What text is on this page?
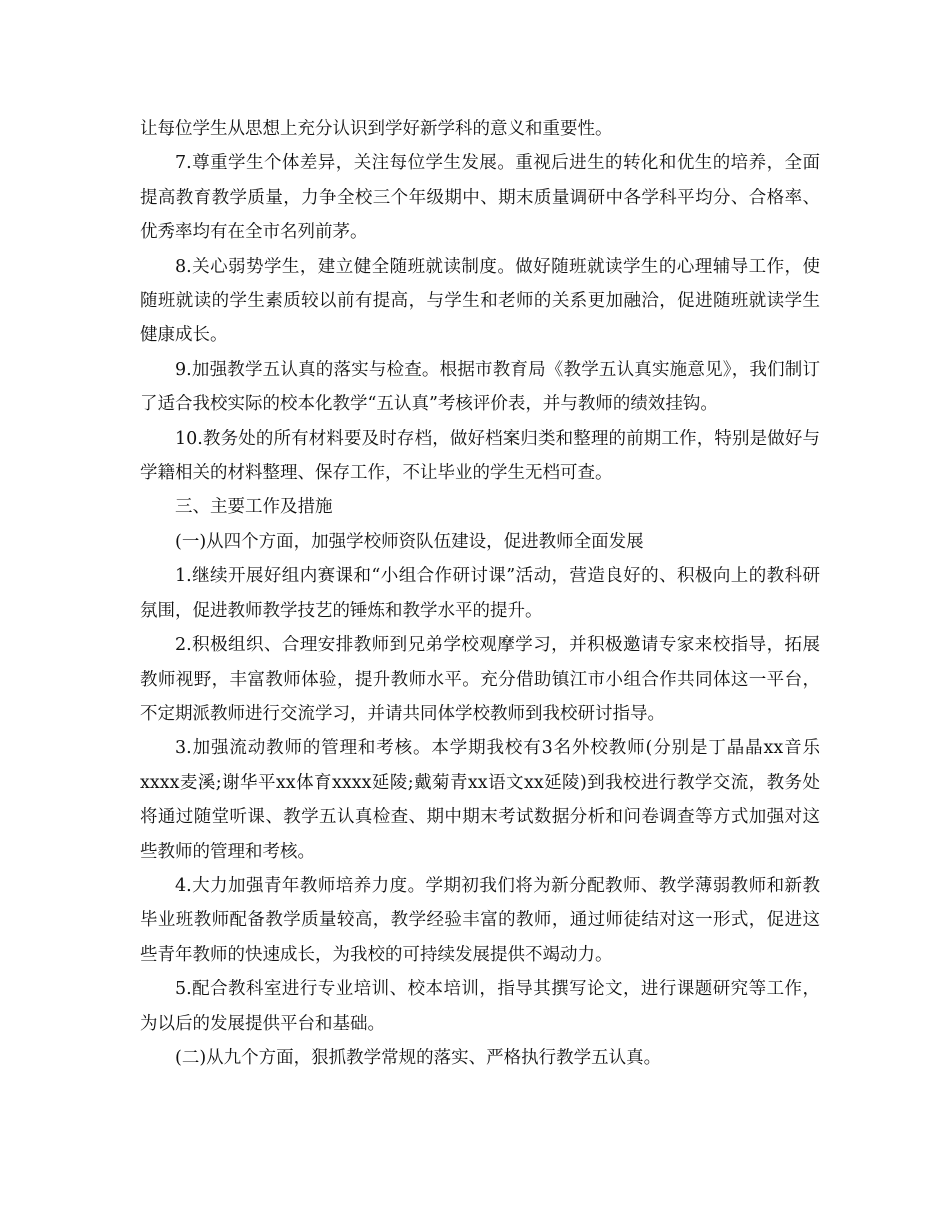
让每位学生从思想上充分认识到学好新学科的意义和重要性。

7.尊重学生个体差异，关注每位学生发展。重视后进生的转化和优生的培养，全面提高教育教学质量，力争全校三个年级期中、期末质量调研中各学科平均分、合格率、优秀率均有在全市名列前茅。

8.关心弱势学生，建立健全随班就读制度。做好随班就读学生的心理辅导工作，使随班就读的学生素质较以前有提高，与学生和老师的关系更加融洽，促进随班就读学生健康成长。

9.加强教学五认真的落实与检查。根据市教育局《教学五认真实施意见》，我们制订了适合我校实际的校本化教学“五认真”考核评价表，并与教师的绩效挂钩。

10.教务处的所有材料要及时存档，做好档案归类和整理的前期工作，特别是做好与学籍相关的材料整理、保存工作，不让毕业的学生无档可查。

三、主要工作及措施

(一)从四个方面，加强学校师资队伍建设，促进教师全面发展

1.继续开展好组内赛课和“小组合作研讨课”活动，营造良好的、积极向上的教科研氛围，促进教师教学技艺的锤炼和教学水平的提升。

2.积极组织、合理安排教师到兄弟学校观摩学习，并积极邀请专家来校指导，拓展教师视野，丰富教师体验，提升教师水平。充分借助镇江市小组合作共同体这一平台，不定期派教师进行交流学习，并请共同体学校教师到我校研讨指导。

3.加强流动教师的管理和考核。本学期我校有3名外校教师(分别是丁晶晶xx音乐xxxx麦溪;谢华平xx体育xxxx延陵;戴菊青xx语文xx延陵)到我校进行教学交流，教务处将通过随堂听课、教学五认真检查、期中期末考试数据分析和问卷调查等方式加强对这些教师的管理和考核。

4.大力加强青年教师培养力度。学期初我们将为新分配教师、教学薄弱教师和新教毕业班教师配备教学质量较高，教学经验丰富的教师，通过师徒结对这一形式，促进这些青年教师的快速成长，为我校的可持续发展提供不竭动力。

5.配合教科室进行专业培训、校本培训，指导其撰写论文，进行课题研究等工作，为以后的发展提供平台和基础。

(二)从九个方面，狠抓教学常规的落实、严格执行教学五认真。
